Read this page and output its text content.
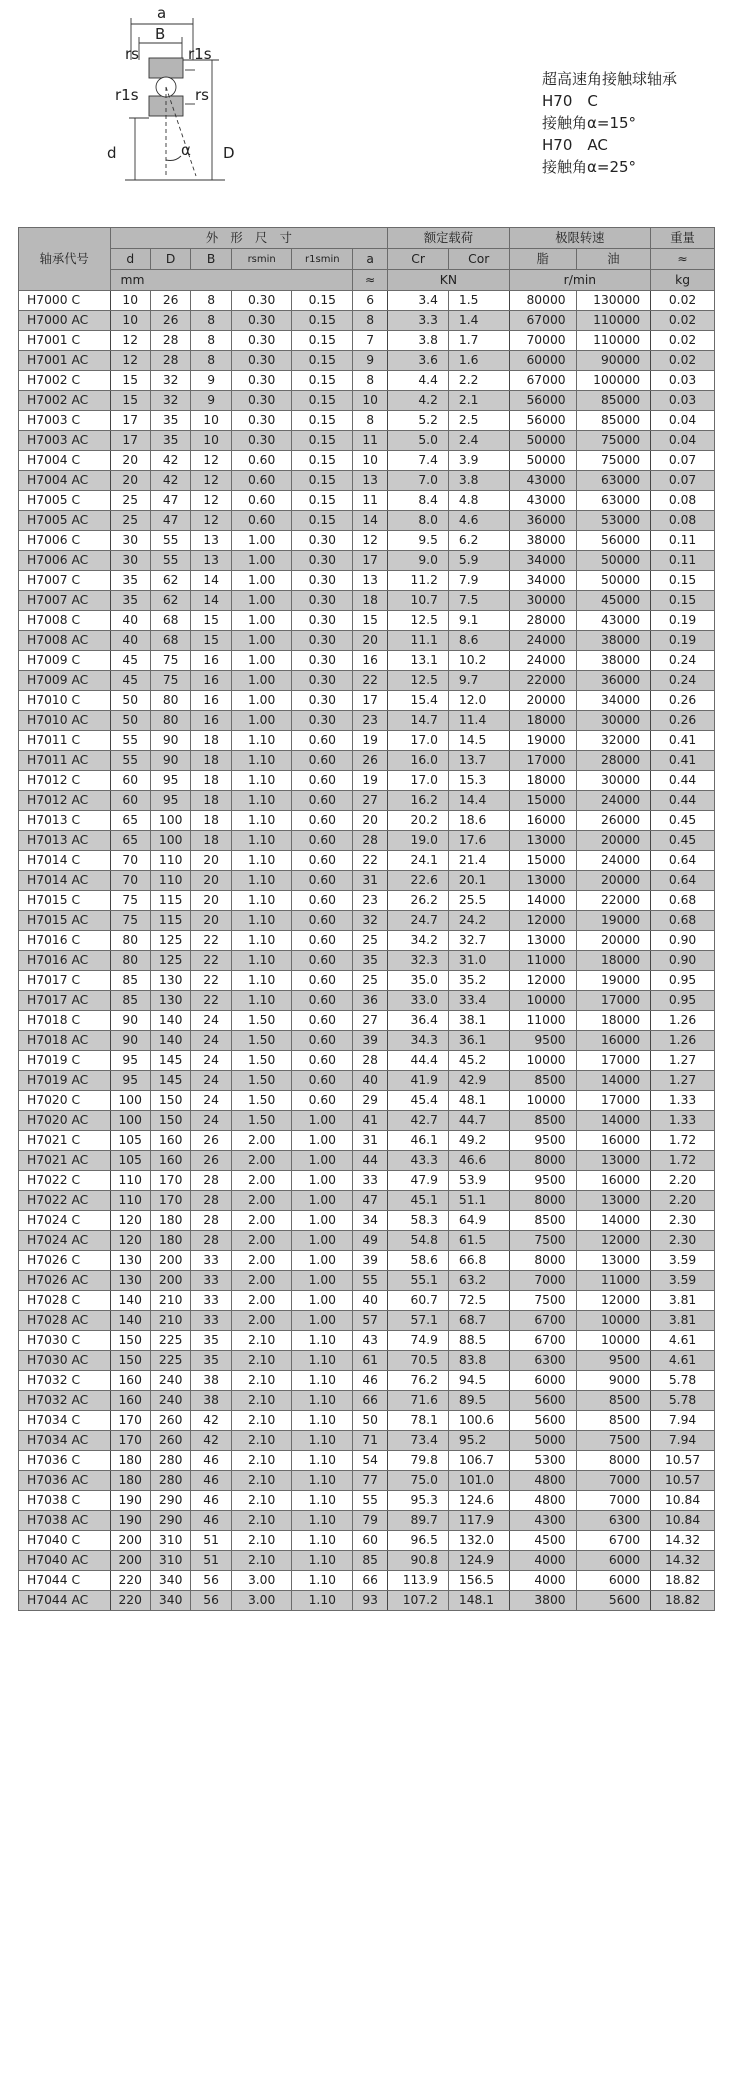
a
B
rs	r1s
r1s	rs
d	α D
超高速角接触球轴承
H70　C
接触角α=15°
H70　AC
接触角α=25°
轴承代号	外　形　尺　寸						额定载荷		极限转速		重量
	d	D	B	rsmin	r1smin	a	Cr	Cor	脂	油	≈
	mm					≈	KN		r/min		kg
H7000 C	10	26	8	0.30	0.15	6	3.4	1.5	80000	130000	0.02
H7000 AC	10	26	8	0.30	0.15	8	3.3	1.4	67000	110000	0.02
H7001 C	12	28	8	0.30	0.15	7	3.8	1.7	70000	110000	0.02
H7001 AC	12	28	8	0.30	0.15	9	3.6	1.6	60000	90000	0.02
H7002 C	15	32	9	0.30	0.15	8	4.4	2.2	67000	100000	0.03
H7002 AC	15	32	9	0.30	0.15	10	4.2	2.1	56000	85000	0.03
H7003 C	17	35	10	0.30	0.15	8	5.2	2.5	56000	85000	0.04
H7003 AC	17	35	10	0.30	0.15	11	5.0	2.4	50000	75000	0.04
H7004 C	20	42	12	0.60	0.15	10	7.4	3.9	50000	75000	0.07
H7004 AC	20	42	12	0.60	0.15	13	7.0	3.8	43000	63000	0.07
H7005 C	25	47	12	0.60	0.15	11	8.4	4.8	43000	63000	0.08
H7005 AC	25	47	12	0.60	0.15	14	8.0	4.6	36000	53000	0.08
H7006 C	30	55	13	1.00	0.30	12	9.5	6.2	38000	56000	0.11
H7006 AC	30	55	13	1.00	0.30	17	9.0	5.9	34000	50000	0.11
H7007 C	35	62	14	1.00	0.30	13	11.2	7.9	34000	50000	0.15
H7007 AC	35	62	14	1.00	0.30	18	10.7	7.5	30000	45000	0.15
H7008 C	40	68	15	1.00	0.30	15	12.5	9.1	28000	43000	0.19
H7008 AC	40	68	15	1.00	0.30	20	11.1	8.6	24000	38000	0.19
H7009 C	45	75	16	1.00	0.30	16	13.1	10.2	24000	38000	0.24
H7009 AC	45	75	16	1.00	0.30	22	12.5	9.7	22000	36000	0.24
H7010 C	50	80	16	1.00	0.30	17	15.4	12.0	20000	34000	0.26
H7010 AC	50	80	16	1.00	0.30	23	14.7	11.4	18000	30000	0.26
H7011 C	55	90	18	1.10	0.60	19	17.0	14.5	19000	32000	0.41
H7011 AC	55	90	18	1.10	0.60	26	16.0	13.7	17000	28000	0.41
H7012 C	60	95	18	1.10	0.60	19	17.0	15.3	18000	30000	0.44
H7012 AC	60	95	18	1.10	0.60	27	16.2	14.4	15000	24000	0.44
H7013 C	65	100	18	1.10	0.60	20	20.2	18.6	16000	26000	0.45
H7013 AC	65	100	18	1.10	0.60	28	19.0	17.6	13000	20000	0.45
H7014 C	70	110	20	1.10	0.60	22	24.1	21.4	15000	24000	0.64
H7014 AC	70	110	20	1.10	0.60	31	22.6	20.1	13000	20000	0.64
H7015 C	75	115	20	1.10	0.60	23	26.2	25.5	14000	22000	0.68
H7015 AC	75	115	20	1.10	0.60	32	24.7	24.2	12000	19000	0.68
H7016 C	80	125	22	1.10	0.60	25	34.2	32.7	13000	20000	0.90
H7016 AC	80	125	22	1.10	0.60	35	32.3	31.0	11000	18000	0.90
H7017 C	85	130	22	1.10	0.60	25	35.0	35.2	12000	19000	0.95
H7017 AC	85	130	22	1.10	0.60	36	33.0	33.4	10000	17000	0.95
H7018 C	90	140	24	1.50	0.60	27	36.4	38.1	11000	18000	1.26
H7018 AC	90	140	24	1.50	0.60	39	34.3	36.1	9500	16000	1.26
H7019 C	95	145	24	1.50	0.60	28	44.4	45.2	10000	17000	1.27
H7019 AC	95	145	24	1.50	0.60	40	41.9	42.9	8500	14000	1.27
H7020 C	100	150	24	1.50	0.60	29	45.4	48.1	10000	17000	1.33
H7020 AC	100	150	24	1.50	1.00	41	42.7	44.7	8500	14000	1.33
H7021 C	105	160	26	2.00	1.00	31	46.1	49.2	9500	16000	1.72
H7021 AC	105	160	26	2.00	1.00	44	43.3	46.6	8000	13000	1.72
H7022 C	110	170	28	2.00	1.00	33	47.9	53.9	9500	16000	2.20
H7022 AC	110	170	28	2.00	1.00	47	45.1	51.1	8000	13000	2.20
H7024 C	120	180	28	2.00	1.00	34	58.3	64.9	8500	14000	2.30
H7024 AC	120	180	28	2.00	1.00	49	54.8	61.5	7500	12000	2.30
H7026 C	130	200	33	2.00	1.00	39	58.6	66.8	8000	13000	3.59
H7026 AC	130	200	33	2.00	1.00	55	55.1	63.2	7000	11000	3.59
H7028 C	140	210	33	2.00	1.00	40	60.7	72.5	7500	12000	3.81
H7028 AC	140	210	33	2.00	1.00	57	57.1	68.7	6700	10000	3.81
H7030 C	150	225	35	2.10	1.10	43	74.9	88.5	6700	10000	4.61
H7030 AC	150	225	35	2.10	1.10	61	70.5	83.8	6300	9500	4.61
H7032 C	160	240	38	2.10	1.10	46	76.2	94.5	6000	9000	5.78
H7032 AC	160	240	38	2.10	1.10	66	71.6	89.5	5600	8500	5.78
H7034 C	170	260	42	2.10	1.10	50	78.1	100.6	5600	8500	7.94
H7034 AC	170	260	42	2.10	1.10	71	73.4	95.2	5000	7500	7.94
H7036 C	180	280	46	2.10	1.10	54	79.8	106.7	5300	8000	10.57
H7036 AC	180	280	46	2.10	1.10	77	75.0	101.0	4800	7000	10.57
H7038 C	190	290	46	2.10	1.10	55	95.3	124.6	4800	7000	10.84
H7038 AC	190	290	46	2.10	1.10	79	89.7	117.9	4300	6300	10.84
H7040 C	200	310	51	2.10	1.10	60	96.5	132.0	4500	6700	14.32
H7040 AC	200	310	51	2.10	1.10	85	90.8	124.9	4000	6000	14.32
H7044 C	220	340	56	3.00	1.10	66	113.9	156.5	4000	6000	18.82
H7044 AC	220	340	56	3.00	1.10	93	107.2	148.1	3800	5600	18.82
